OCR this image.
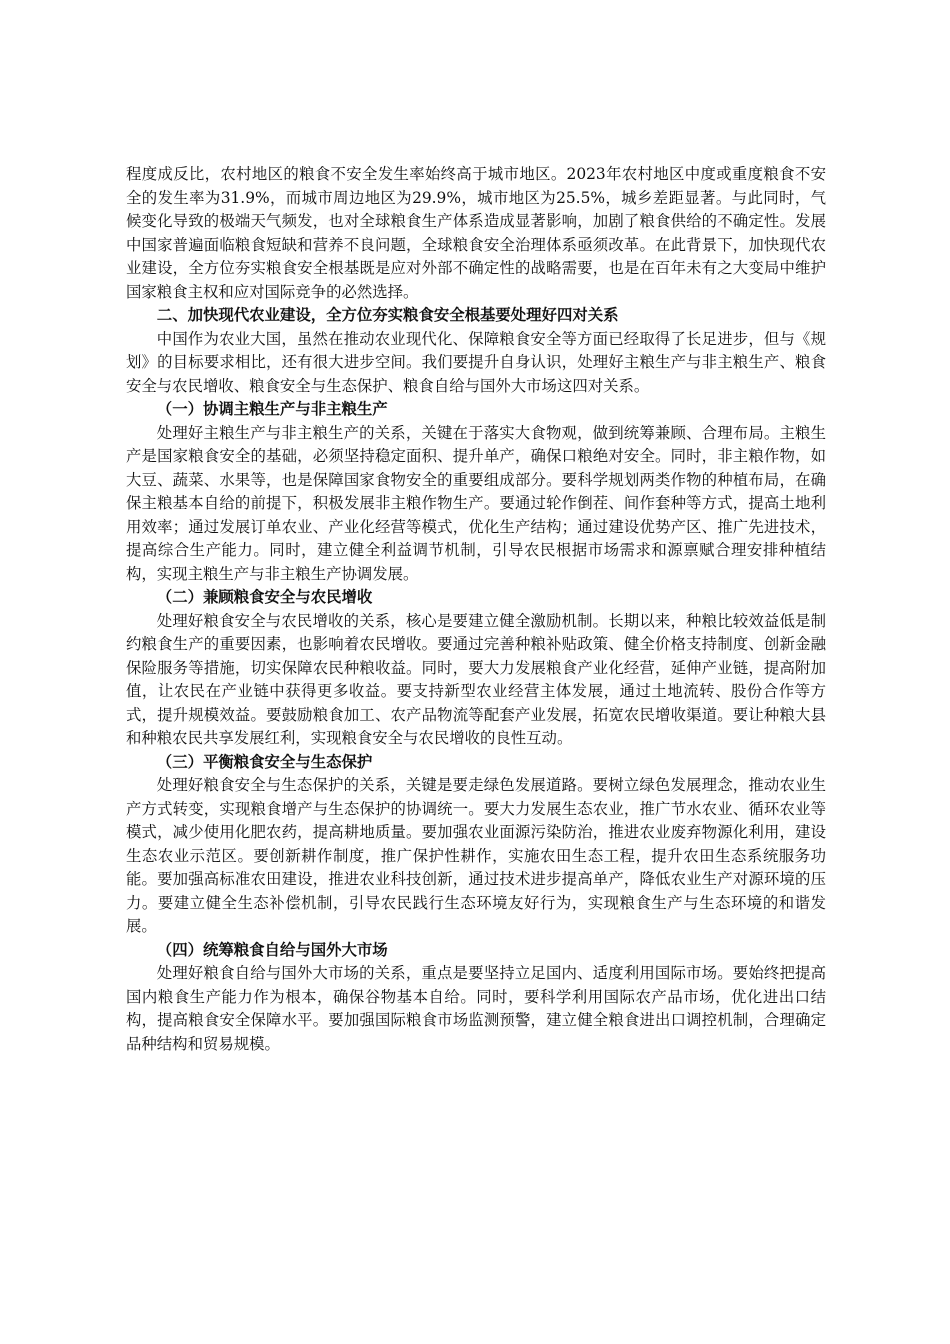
程度成反比，农村地区的粮食不安全发生率始终高于城市地区。2023年农村地区中度或重度粮食不安全的发生率为31.9%，而城市周边地区为29.9%，城市地区为25.5%，城乡差距显著。与此同时，气候变化导致的极端天气频发，也对全球粮食生产体系造成显著影响，加剧了粮食供给的不确定性。发展中国家普遍面临粮食短缺和营养不良问题，全球粮食安全治理体系亟须改革。在此背景下，加快现代农业建设，全方位夯实粮食安全根基既是应对外部不确定性的战略需要，也是在百年未有之大变局中维护国家粮食主权和应对国际竞争的必然选择。

二、加快现代农业建设，全方位夯实粮食安全根基要处理好四对关系

中国作为农业大国，虽然在推动农业现代化、保障粮食安全等方面已经取得了长足进步，但与《规划》的目标要求相比，还有很大进步空间。我们要提升自身认识，处理好主粮生产与非主粮生产、粮食安全与农民增收、粮食安全与生态保护、粮食自给与国外大市场这四对关系。

（一）协调主粮生产与非主粮生产

处理好主粮生产与非主粮生产的关系，关键在于落实大食物观，做到统筹兼顾、合理布局。主粮生产是国家粮食安全的基础，必须坚持稳定面积、提升单产，确保口粮绝对安全。同时，非主粮作物，如大豆、蔬菜、水果等，也是保障国家食物安全的重要组成部分。要科学规划两类作物的种植布局，在确保主粮基本自给的前提下，积极发展非主粮作物生产。要通过轮作倒茬、间作套种等方式，提高土地利用效率；通过发展订单农业、产业化经营等模式，优化生产结构；通过建设优势产区、推广先进技术，提高综合生产能力。同时，建立健全利益调节机制，引导农民根据市场需求和源禀赋合理安排种植结构，实现主粮生产与非主粮生产协调发展。

（二）兼顾粮食安全与农民增收

处理好粮食安全与农民增收的关系，核心是要建立健全激励机制。长期以来，种粮比较效益低是制约粮食生产的重要因素，也影响着农民增收。要通过完善种粮补贴政策、健全价格支持制度、创新金融保险服务等措施，切实保障农民种粮收益。同时，要大力发展粮食产业化经营，延伸产业链，提高附加值，让农民在产业链中获得更多收益。要支持新型农业经营主体发展，通过土地流转、股份合作等方式，提升规模效益。要鼓励粮食加工、农产品物流等配套产业发展，拓宽农民增收渠道。要让种粮大县和种粮农民共享发展红利，实现粮食安全与农民增收的良性互动。

（三）平衡粮食安全与生态保护

处理好粮食安全与生态保护的关系，关键是要走绿色发展道路。要树立绿色发展理念，推动农业生产方式转变，实现粮食增产与生态保护的协调统一。要大力发展生态农业，推广节水农业、循环农业等模式，减少使用化肥农药，提高耕地质量。要加强农业面源污染防治，推进农业废弃物源化利用，建设生态农业示范区。要创新耕作制度，推广保护性耕作，实施农田生态工程，提升农田生态系统服务功能。要加强高标准农田建设，推进农业科技创新，通过技术进步提高单产，降低农业生产对源环境的压力。要建立健全生态补偿机制，引导农民践行生态环境友好行为，实现粮食生产与生态环境的和谐发展。

（四）统筹粮食自给与国外大市场

处理好粮食自给与国外大市场的关系，重点是要坚持立足国内、适度利用国际市场。要始终把提高国内粮食生产能力作为根本，确保谷物基本自给。同时，要科学利用国际农产品市场，优化进出口结构，提高粮食安全保障水平。要加强国际粮食市场监测预警，建立健全粮食进出口调控机制，合理确定品种结构和贸易规模。
